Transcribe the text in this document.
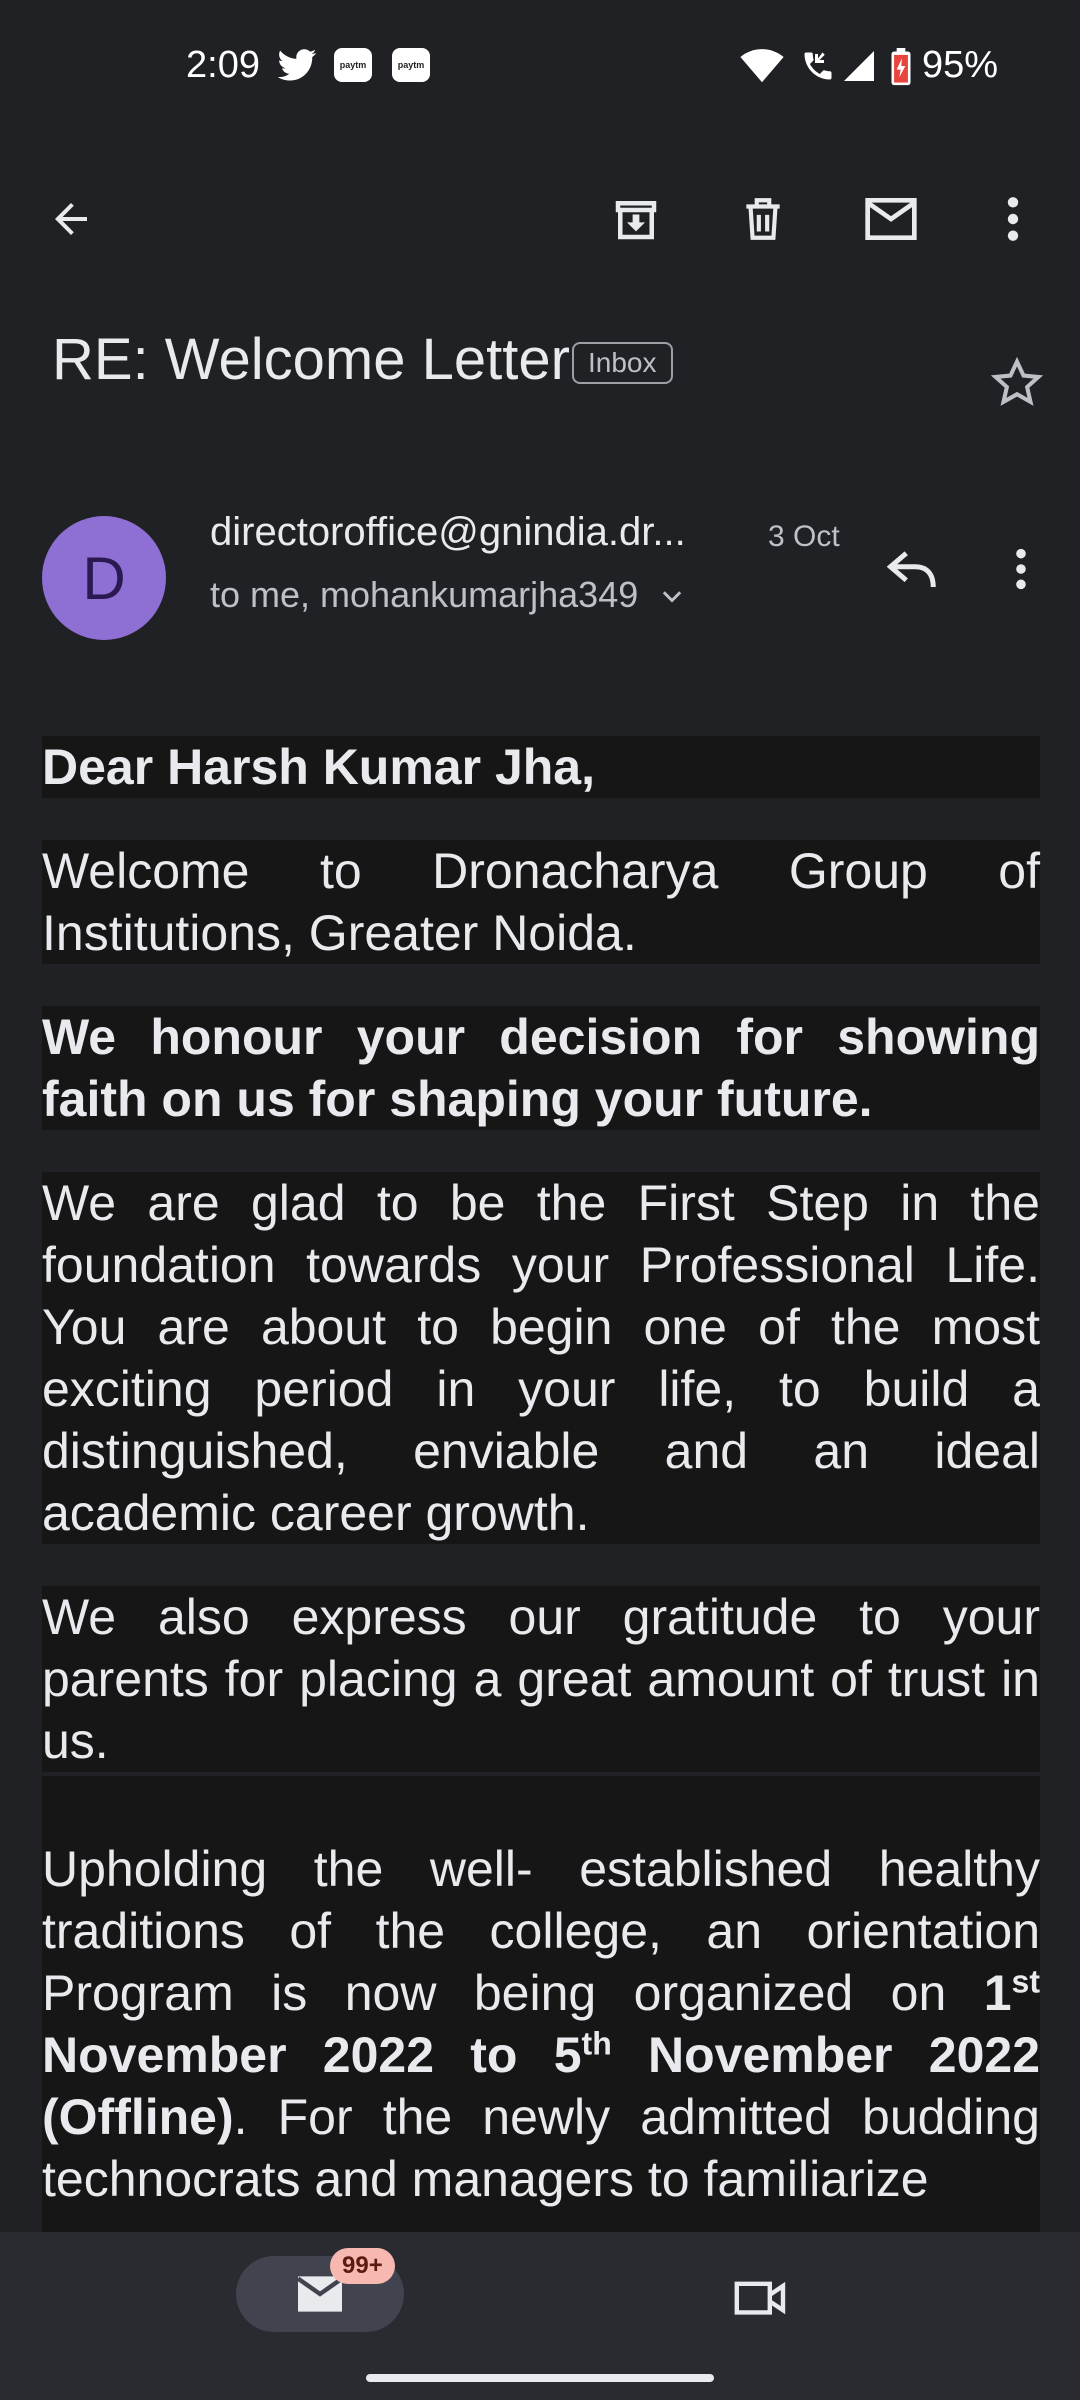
2:09	paytm	paytm	95%
RE: Welcome Letter Inbox
D
directoroffice@gnindia.dr...	3 Oct
to me, mohankumarjha349
Dear Harsh Kumar Jha,
Welcome to Dronacharya Group of Institutions, Greater Noida.
We honour your decision for showing faith on us for shaping your future.
We are glad to be the First Step in the foundation towards your Professional Life. You are about to begin one of the most exciting period in your life, to build a distinguished, enviable and an ideal academic career growth.
We also express our gratitude to your parents for placing a great amount of trust in us.

Upholding the well- established healthy traditions of the college, an orientation Program is now being organized on 1st November 2022 to 5th November 2022 (Offline). For the newly admitted budding technocrats and managers to familiarize
99+
